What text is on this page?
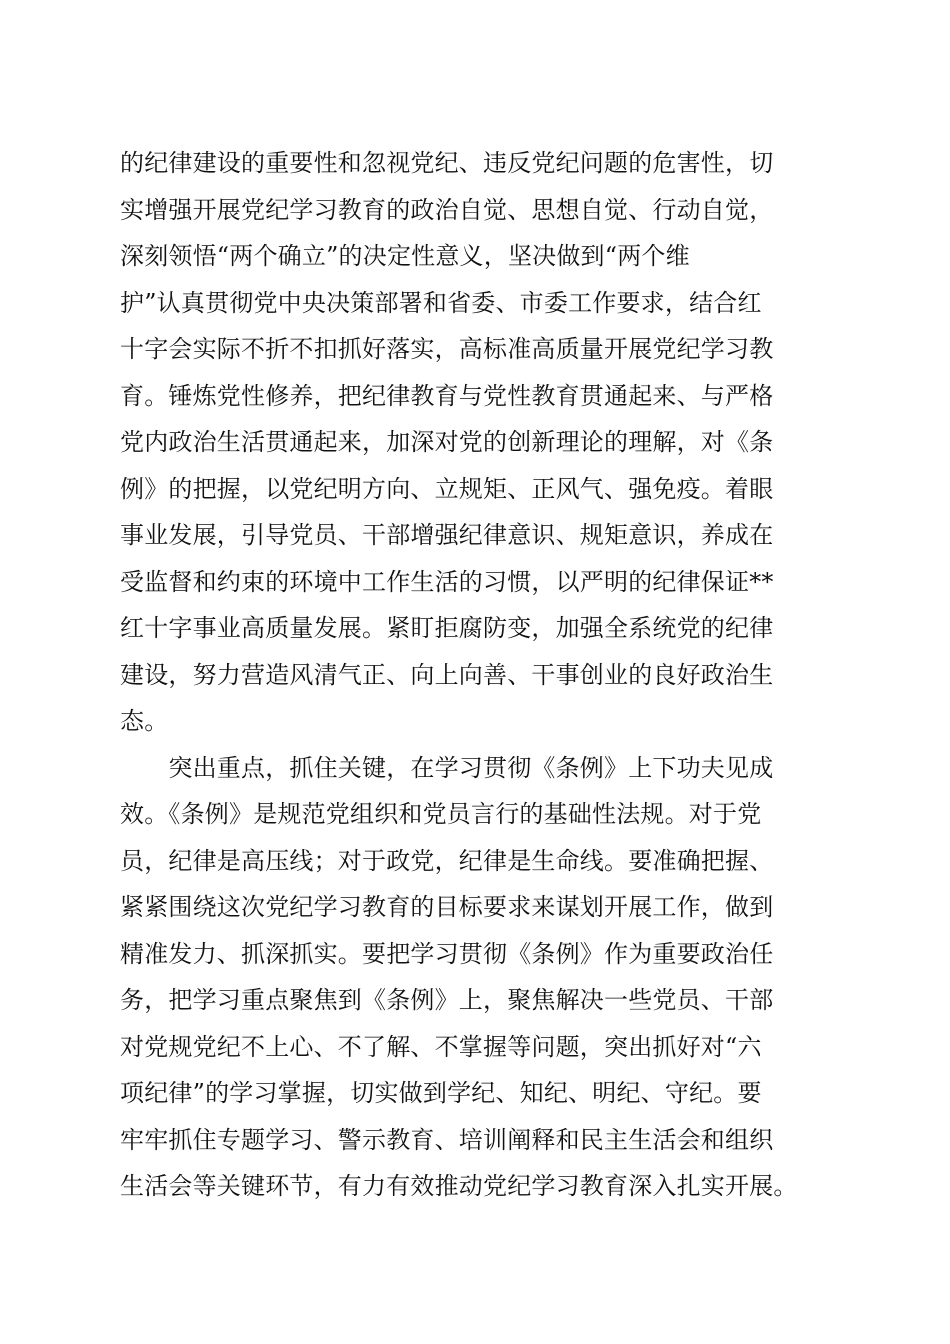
的纪律建设的重要性和忽视党纪、违反党纪问题的危害性，切
实增强开展党纪学习教育的政治自觉、思想自觉、行动自觉，
深刻领悟“两个确立”的决定性意义，坚决做到“两个维
护”认真贯彻党中央决策部署和省委、市委工作要求，结合红
十字会实际不折不扣抓好落实，高标准高质量开展党纪学习教
育。锤炼党性修养，把纪律教育与党性教育贯通起来、与严格
党内政治生活贯通起来，加深对党的创新理论的理解，对《条
例》的把握，以党纪明方向、立规矩、正风气、强免疫。着眼
事业发展，引导党员、干部增强纪律意识、规矩意识，养成在
受监督和约束的环境中工作生活的习惯，以严明的纪律保证**
红十字事业高质量发展。紧盯拒腐防变，加强全系统党的纪律
建设，努力营造风清气正、向上向善、干事创业的良好政治生
态。
　　突出重点，抓住关键，在学习贯彻《条例》上下功夫见成
效。《条例》是规范党组织和党员言行的基础性法规。对于党
员，纪律是高压线；对于政党，纪律是生命线。要准确把握、
紧紧围绕这次党纪学习教育的目标要求来谋划开展工作，做到
精准发力、抓深抓实。要把学习贯彻《条例》作为重要政治任
务，把学习重点聚焦到《条例》上，聚焦解决一些党员、干部
对党规党纪不上心、不了解、不掌握等问题，突出抓好对“六
项纪律”的学习掌握，切实做到学纪、知纪、明纪、守纪。要
牢牢抓住专题学习、警示教育、培训阐释和民主生活会和组织
生活会等关键环节，有力有效推动党纪学习教育深入扎实开展。
